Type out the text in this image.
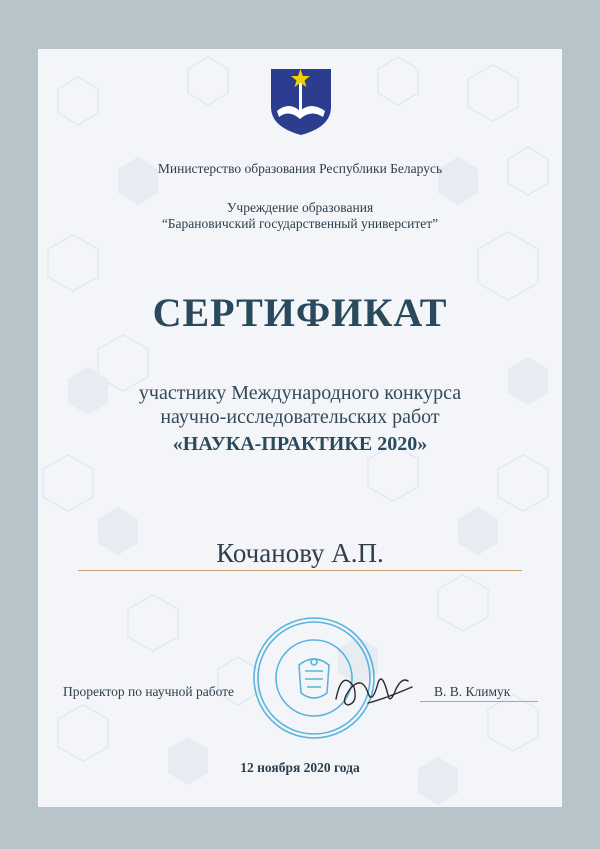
Министерство образования Республики Беларусь
Учреждение образования
“Барановичский государственный университет”
СЕРТИФИКАТ
участнику Международного конкурса
научно-исследовательских работ
«НАУКА-ПРАКТИКЕ 2020»
Кочанову А.П.
Проректор по научной работе	В. В. Климук
12 ноября 2020 года
